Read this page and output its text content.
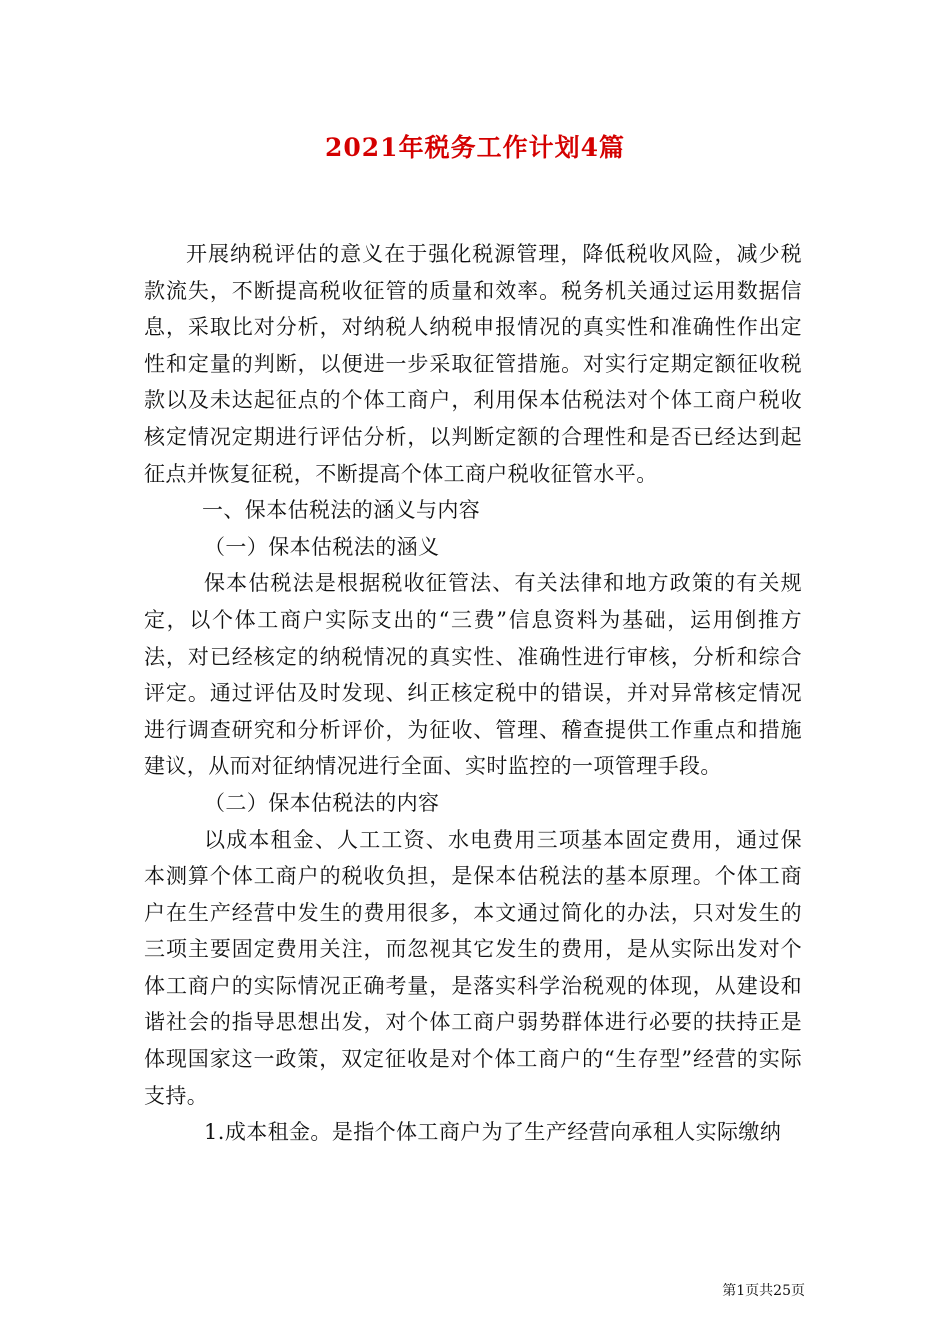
2021年税务工作计划4篇

开展纳税评估的意义在于强化税源管理，降低税收风险，减少税款流失，不断提高税收征管的质量和效率。税务机关通过运用数据信息，采取比对分析，对纳税人纳税申报情况的真实性和准确性作出定性和定量的判断，以便进一步采取征管措施。对实行定期定额征收税款以及未达起征点的个体工商户，利用保本估税法对个体工商户税收核定情况定期进行评估分析，以判断定额的合理性和是否已经达到起征点并恢复征税，不断提高个体工商户税收征管水平。

一、保本估税法的涵义与内容

（一）保本估税法的涵义

保本估税法是根据税收征管法、有关法律和地方政策的有关规定，以个体工商户实际支出的“三费”信息资料为基础，运用倒推方法，对已经核定的纳税情况的真实性、准确性进行审核，分析和综合评定。通过评估及时发现、纠正核定税中的错误，并对异常核定情况进行调查研究和分析评价，为征收、管理、稽查提供工作重点和措施建议，从而对征纳情况进行全面、实时监控的一项管理手段。

（二）保本估税法的内容

以成本租金、人工工资、水电费用三项基本固定费用，通过保本测算个体工商户的税收负担，是保本估税法的基本原理。个体工商户在生产经营中发生的费用很多，本文通过简化的办法，只对发生的三项主要固定费用关注，而忽视其它发生的费用，是从实际出发对个体工商户的实际情况正确考量，是落实科学治税观的体现，从建设和谐社会的指导思想出发，对个体工商户弱势群体进行必要的扶持正是体现国家这一政策，双定征收是对个体工商户的“生存型”经营的实际支持。

1.成本租金。是指个体工商户为了生产经营向承租人实际缴纳

第1页共25页
